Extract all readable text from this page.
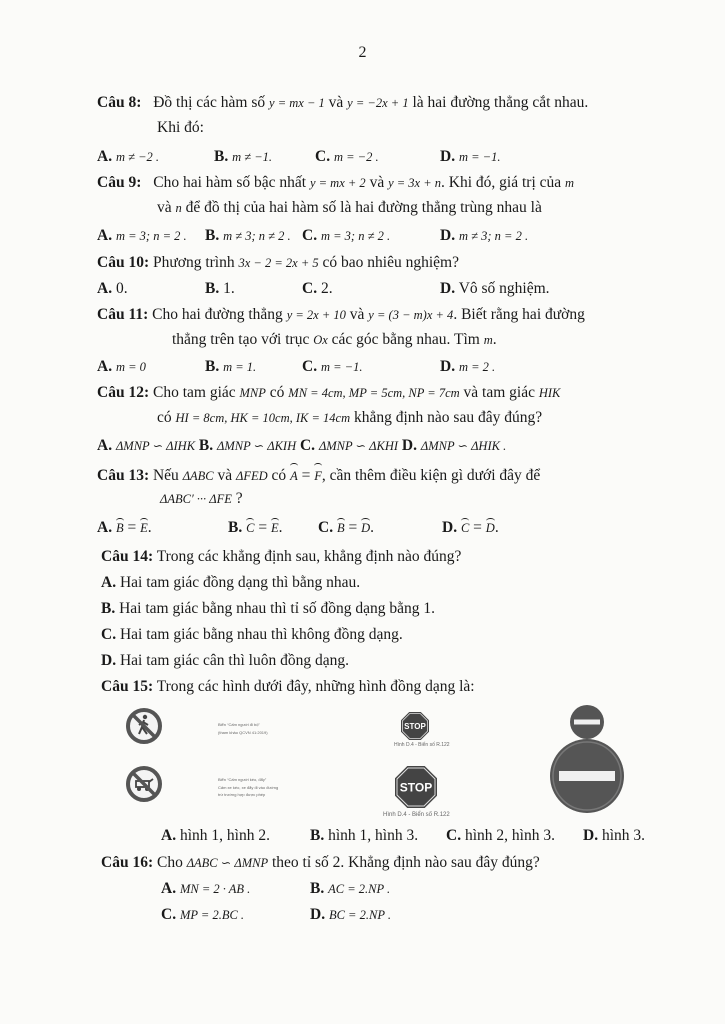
2
Câu 8: Đồ thị các hàm số y = mx − 1 và y = −2x + 1 là hai đường thẳng cắt nhau.
Khi đó:
A. m ≠ −2 .	B. m ≠ −1.	C. m = −2 .	D. m = −1.
Câu 9: Cho hai hàm số bậc nhất y = mx + 2 và y = 3x + n. Khi đó, giá trị của m
và n để đồ thị của hai hàm số là hai đường thẳng trùng nhau là
A. m = 3; n = 2 . B. m ≠ 3; n ≠ 2 . C. m = 3; n ≠ 2 .	D. m ≠ 3; n = 2 .
Câu 10: Phương trình 3x − 2 = 2x + 5 có bao nhiêu nghiệm?
A. 0.	B. 1.	C. 2.	D. Vô số nghiệm.
Câu 11: Cho hai đường thẳng y = 2x + 10 và y = (3 − m)x + 4. Biết rằng hai đường
thẳng trên tạo với trục Ox các góc bằng nhau. Tìm m.
A. m = 0	B. m = 1.	C. m = −1.	D. m = 2 .
Câu 12: Cho tam giác MNP có MN = 4cm, MP = 5cm, NP = 7cm và tam giác HIK
có HI = 8cm, HK = 10cm, IK = 14cm khẳng định nào sau đây đúng?
A. ΔMNP ∽ ΔIHK B. ΔMNP ∽ ΔKIH C. ΔMNP ∽ ΔKHI D. ΔMNP ∽ ΔHIK .
Câu 13: Nếu ΔABC và ΔFED có A = F, cần thêm điều kiện gì dưới đây để
ΔABC′ ··· ΔFE ?
A. B = E.	B. C = E. C. B = D.	D. C = D.
Câu 14: Trong các khẳng định sau, khẳng định nào đúng?
A. Hai tam giác đồng dạng thì bằng nhau.
B. Hai tam giác bằng nhau thì tỉ số đồng dạng bằng 1.
C. Hai tam giác bằng nhau thì không đồng dạng.
D. Hai tam giác cân thì luôn đồng dạng.
Câu 15: Trong các hình dưới đây, những hình đồng dạng là:
Biển “Cấm người đi bộ”
(tham khảo QCVN 41:2019)
Biển “Cấm người kéo, đẩy”
Cấm xe kéo, xe đẩy đi vào đường
trừ trường hợp được phép
STOP
Hình D.4 - Biển số R.122
STOP
Hình D.4 - Biển số R.122
A. hình 1, hình 2.	B. hình 1, hình 3. C. hình 2, hình 3. D. hình 3.
Câu 16: Cho ΔABC ∽ ΔMNP theo tỉ số 2. Khẳng định nào sau đây đúng?
A. MN = 2 · AB .	B. AC = 2.NP .
C. MP = 2.BC .	D. BC = 2.NP .
